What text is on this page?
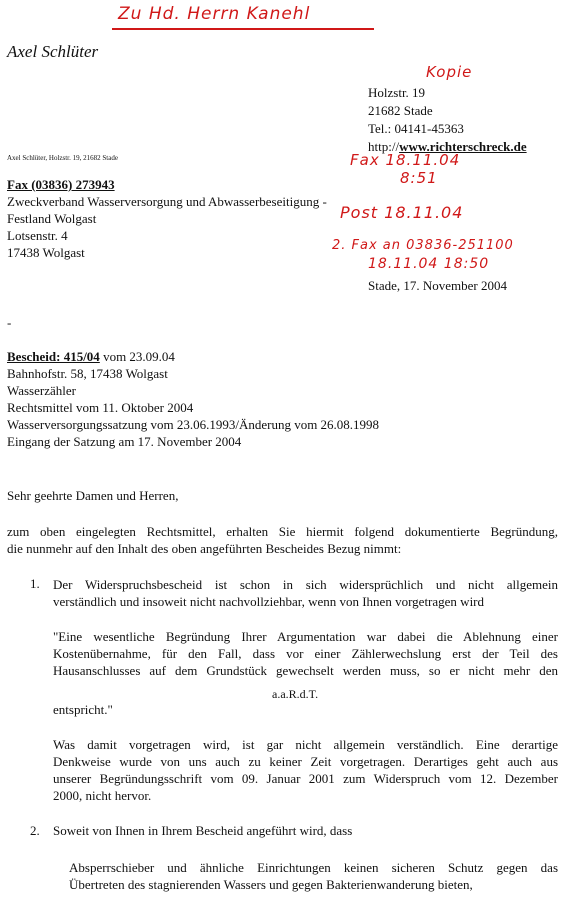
Zu Hd. Herrn Kanehl
Kopie
Fax 18.11.04
8:51
Post 18.11.04
2. Fax an 03836-251100
18.11.04 18:50
Axel Schlüter
Holzstr. 19
21682 Stade
Tel.: 04141-45363
http://www.richterschreck.de
Axel Schlüter, Holzstr. 19, 21682 Stade
Fax (03836) 273943
Zweckverband Wasserversorgung und Abwasserbeseitigung -
Festland Wolgast
Lotsenstr. 4
17438 Wolgast
Stade, 17. November 2004
-
Bescheid: 415/04 vom 23.09.04
Bahnhofstr. 58, 17438 Wolgast
Wasserzähler
Rechtsmittel vom 11. Oktober 2004
Wasserversorgungssatzung vom 23.06.1993/Änderung vom 26.08.1998
Eingang der Satzung am 17. November 2004
Sehr geehrte Damen und Herren,
zum oben eingelegten Rechtsmittel, erhalten Sie hiermit folgend dokumentierte Begründung,
die nunmehr auf den Inhalt des oben angeführten Bescheides Bezug nimmt:
1. Der Widerspruchsbescheid ist schon in sich widersprüchlich und nicht allgemein
verständlich und insoweit nicht nachvollziehbar, wenn von Ihnen vorgetragen wird
"Eine wesentliche Begründung Ihrer Argumentation war dabei die Ablehnung einer
Kostenübernahme, für den Fall, dass vor einer Zählerwechslung erst der Teil des
Hausanschlusses auf dem Grundstück gewechselt werden muss, so er nicht mehr den
a.a.R.d.T.
entspricht."
Was damit vorgetragen wird, ist gar nicht allgemein verständlich. Eine derartige
Denkweise wurde von uns auch zu keiner Zeit vorgetragen. Derartiges geht auch aus
unserer Begründungsschrift vom 09. Januar 2001 zum Widerspruch vom 12. Dezember
2000, nicht hervor.
2. Soweit von Ihnen in Ihrem Bescheid angeführt wird, dass
Absperrschieber und ähnliche Einrichtungen keinen sicheren Schutz gegen das
Übertreten des stagnierenden Wassers und gegen Bakterienwanderung bieten,
